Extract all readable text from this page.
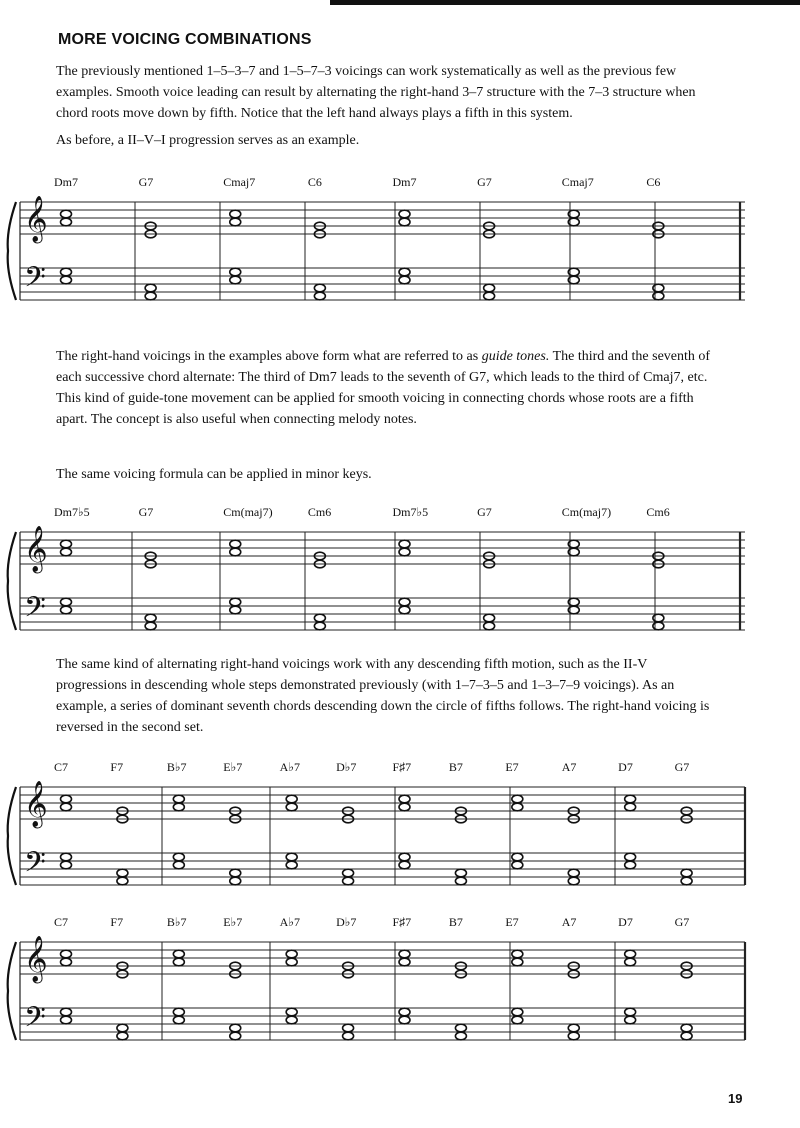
MORE VOICING COMBINATIONS
The previously mentioned 1–5–3–7 and 1–5–7–3 voicings can work systematically as well as the previous few examples. Smooth voice leading can result by alternating the right-hand 3–7 structure with the 7–3 structure when chord roots move down by fifth. Notice that the left hand always plays a fifth in this system.
As before, a II–V–I progression serves as an example.
𝄞
𝄢
Dm7	G7	Cmaj7	C6	Dm7	G7	Cmaj7	C6
The right-hand voicings in the examples above form what are referred to as guide tones. The third and the seventh of each successive chord alternate: The third of Dm7 leads to the seventh of G7, which leads to the third of Cmaj7, etc. This kind of guide-tone movement can be applied for smooth voicing in connecting chords whose roots are a fifth apart. The concept is also useful when connecting melody notes.
The same voicing formula can be applied in minor keys.
𝄞
𝄢
Dm7♭5	G7	Cm(maj7)	Cm6	Dm7♭5	G7	Cm(maj7)	Cm6
The same kind of alternating right-hand voicings work with any descending fifth motion, such as the II-V progressions in descending whole steps demonstrated previously (with 1–7–3–5 and 1–3–7–9 voicings). As an example, a series of dominant seventh chords descending down the circle of fifths follows. The right-hand voicing is reversed in the second set.
𝄞
𝄢
C7	F7	B♭7	E♭7	A♭7	D♭7	F♯7	B7	E7	A7	D7	G7
𝄞
𝄢
C7	F7	B♭7	E♭7	A♭7	D♭7	F♯7	B7	E7	A7	D7	G7
19
